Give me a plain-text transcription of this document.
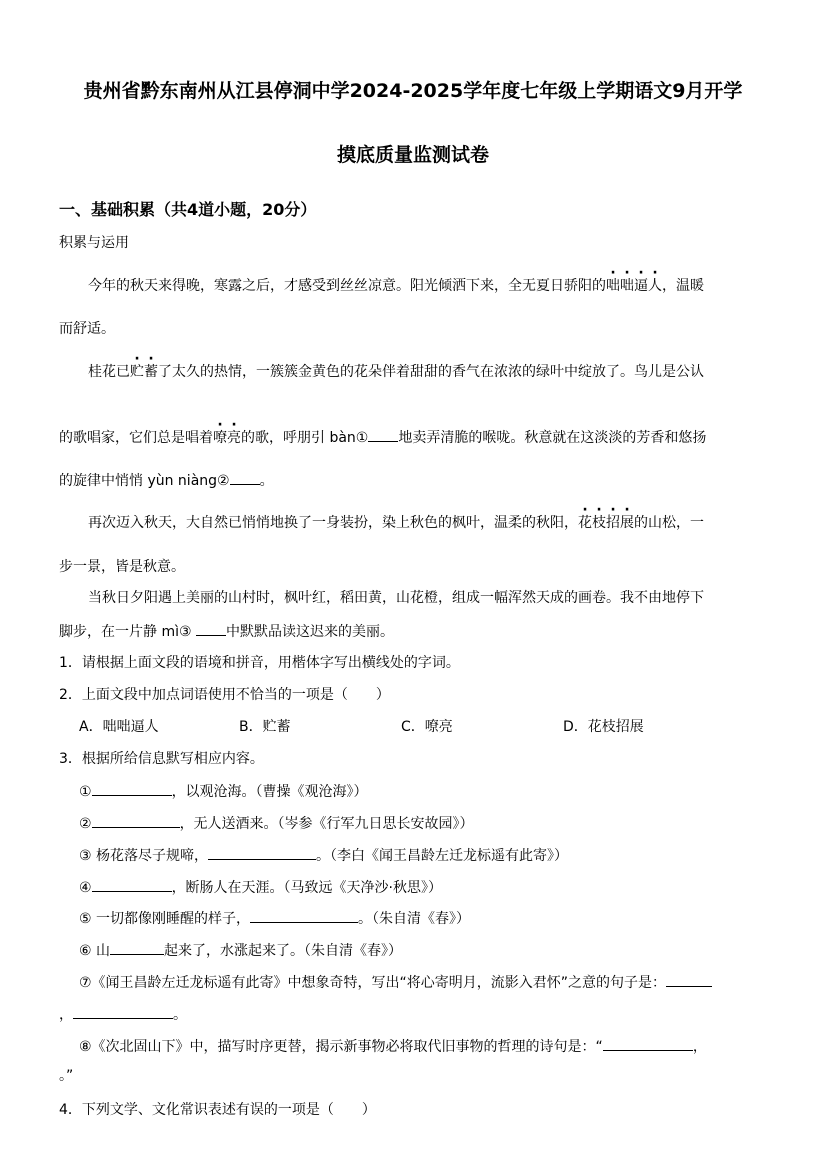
贵州省黔东南州从江县停洞中学2024-2025学年度七年级上学期语文9月开学
摸底质量监测试卷
一、基础积累（共4道小题，20分）
积累与运用
今年的秋天来得晚，寒露之后，才感受到丝丝凉意。阳光倾洒下来，全无夏日骄阳的咄咄逼人，温暖
而舒适。
桂花已贮蓄了太久的热情，一簇簇金黄色的花朵伴着甜甜的香气在浓浓的绿叶中绽放了。鸟儿是公认
的歌唱家，它们总是唱着嘹亮的歌，呼朋引 bàn① 地卖弄清脆的喉咙。秋意就在这淡淡的芳香和悠扬
的旋律中悄悄 yùn niàng② 。
再次迈入秋天，大自然已悄悄地换了一身装扮，染上秋色的枫叶，温柔的秋阳，花枝招展的山松，一
步一景，皆是秋意。
当秋日夕阳遇上美丽的山村时，枫叶红，稻田黄，山花橙，组成一幅浑然天成的画卷。我不由地停下
脚步，在一片静 mì③ 中默默品读这迟来的美丽。
1．请根据上面文段的语境和拼音，用楷体字写出横线处的字词。
2．上面文段中加点词语使用不恰当的一项是（　　）
A．咄咄逼人	B．贮蓄	C．嘹亮	D．花枝招展
3．根据所给信息默写相应内容。
①	，以观沧海。（曹操《观沧海》）
②	，无人送酒来。（岑参《行军九日思长安故园》）
③ 杨花落尽子规啼，	。（李白《闻王昌龄左迁龙标遥有此寄》）
④	，断肠人在天涯。（马致远《天净沙·秋思》）
⑤ 一切都像刚睡醒的样子，	。（朱自清《春》）
⑥ 山	起来了，水涨起来了。（朱自清《春》）
⑦《闻王昌龄左迁龙标遥有此寄》中想象奇特，写出“将心寄明月，流影入君怀”之意的句子是：
，	。
⑧《次北固山下》中，描写时序更替，揭示新事物必将取代旧事物的哲理的诗句是：“	，
。”
4．下列文学、文化常识表述有误的一项是（　　）
